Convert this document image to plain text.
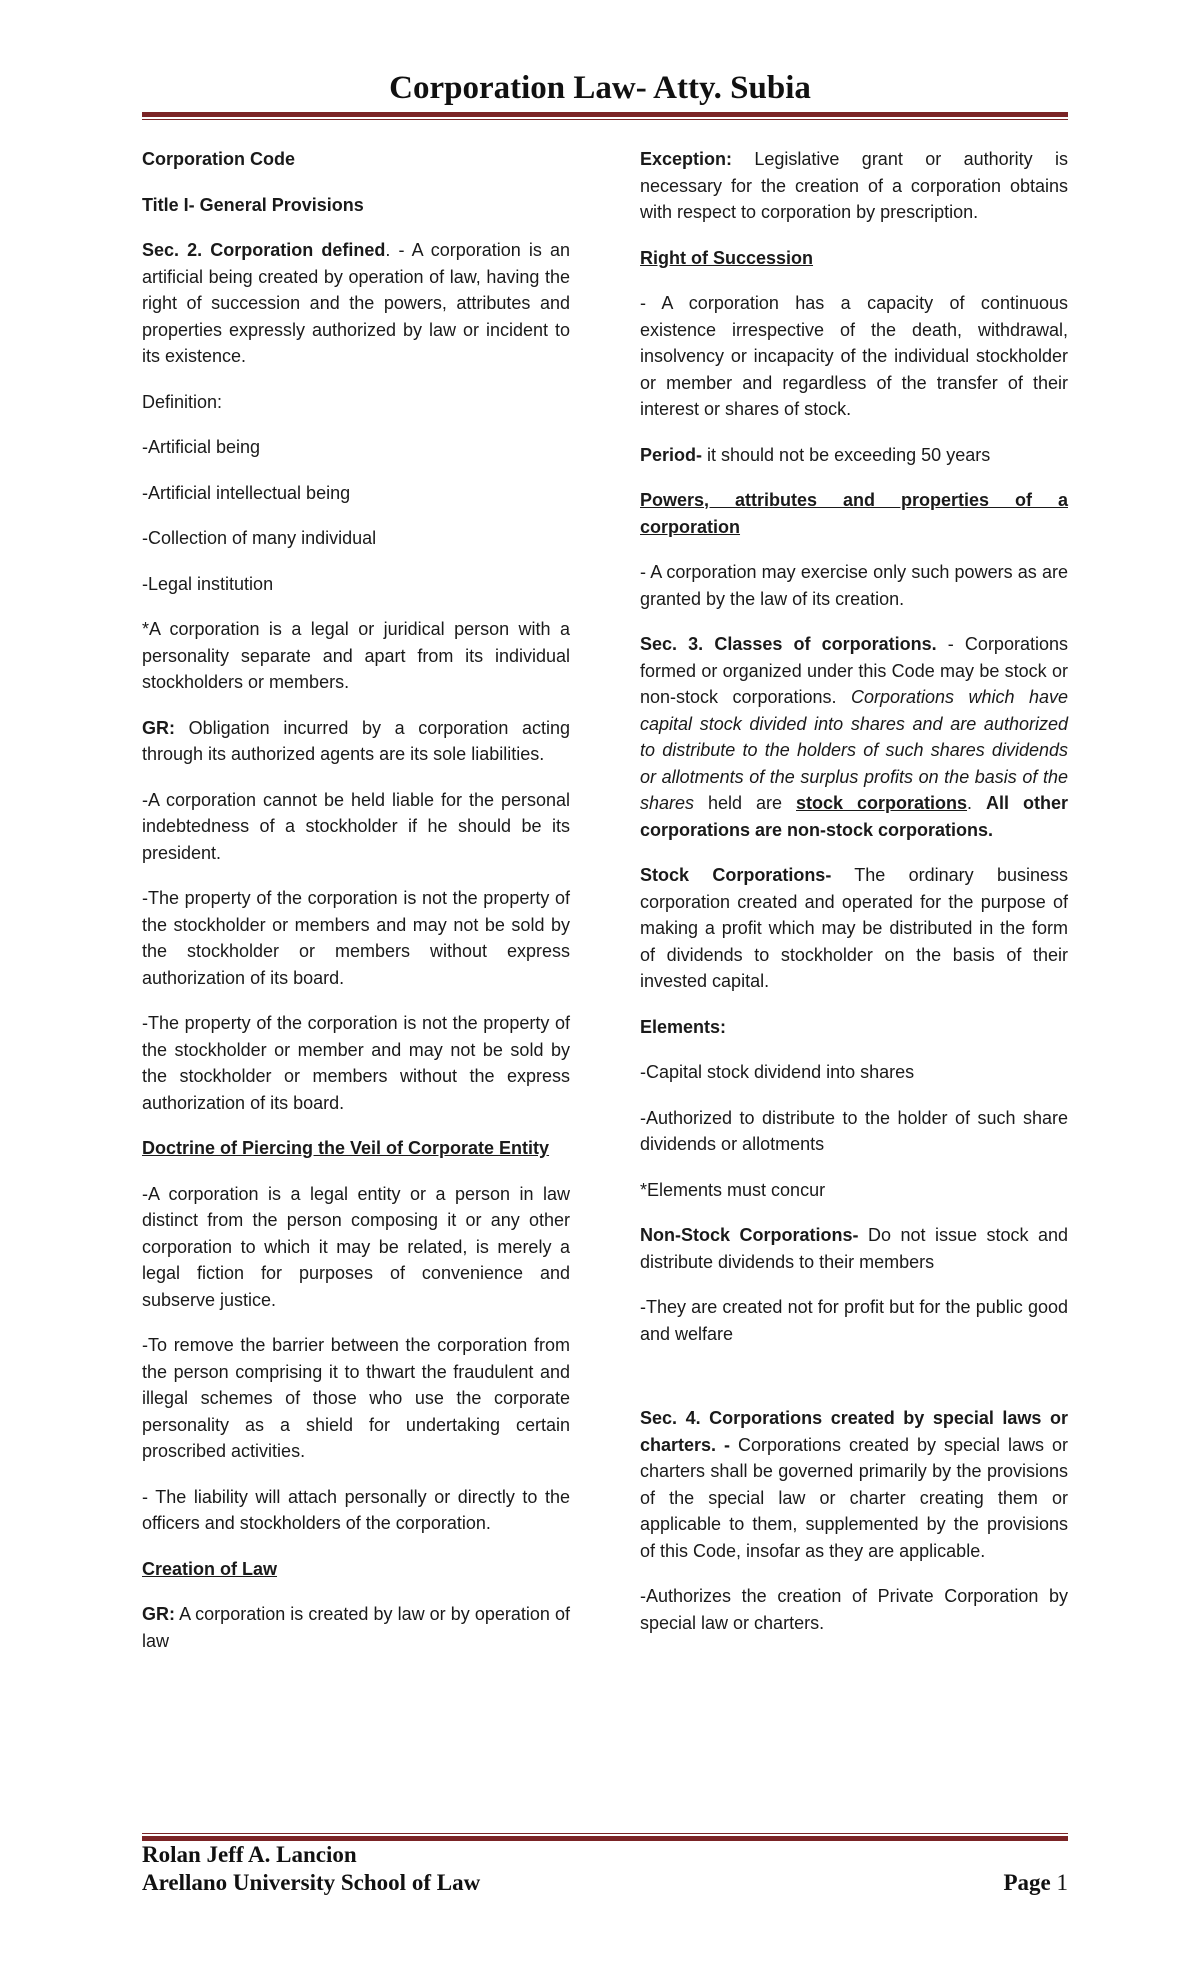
Corporation Law- Atty. Subia

Corporation Code

Title I- General Provisions

Sec. 2. Corporation defined. - A corporation is an artificial being created by operation of law, having the right of succession and the powers, attributes and properties expressly authorized by law or incident to its existence.

Definition:

-Artificial being

-Artificial intellectual being

-Collection of many individual

-Legal institution

*A corporation is a legal or juridical person with a personality separate and apart from its individual stockholders or members.

GR: Obligation incurred by a corporation acting through its authorized agents are its sole liabilities.

-A corporation cannot be held liable for the personal indebtedness of a stockholder if he should be its president.

-The property of the corporation is not the property of the stockholder or members and may not be sold by the stockholder or members without express authorization of its board.

-The property of the corporation is not the property of the stockholder or member and may not be sold by the stockholder or members without the express authorization of its board.

Doctrine of Piercing the Veil of Corporate Entity

-A corporation is a legal entity or a person in law distinct from the person composing it or any other corporation to which it may be related, is merely a legal fiction for purposes of convenience and subserve justice.

-To remove the barrier between the corporation from the person comprising it to thwart the fraudulent and illegal schemes of those who use the corporate personality as a shield for undertaking certain proscribed activities.

- The liability will attach personally or directly to the officers and stockholders of the corporation.

Creation of Law

GR: A corporation is created by law or by operation of law

Exception: Legislative grant or authority is necessary for the creation of a corporation obtains with respect to corporation by prescription.

Right of Succession

- A corporation has a capacity of continuous existence irrespective of the death, withdrawal, insolvency or incapacity of the individual stockholder or member and regardless of the transfer of their interest or shares of stock.

Period- it should not be exceeding 50 years

Powers, attributes and properties of a corporation

- A corporation may exercise only such powers as are granted by the law of its creation.

Sec. 3. Classes of corporations. - Corporations formed or organized under this Code may be stock or non-stock corporations. Corporations which have capital stock divided into shares and are authorized to distribute to the holders of such shares dividends or allotments of the surplus profits on the basis of the shares held are stock corporations. All other corporations are non-stock corporations.

Stock Corporations- The ordinary business corporation created and operated for the purpose of making a profit which may be distributed in the form of dividends to stockholder on the basis of their invested capital.

Elements:

-Capital stock dividend into shares

-Authorized to distribute to the holder of such share dividends or allotments

*Elements must concur

Non-Stock Corporations- Do not issue stock and distribute dividends to their members

-They are created not for profit but for the public good and welfare

Sec. 4. Corporations created by special laws or charters. - Corporations created by special laws or charters shall be governed primarily by the provisions of the special law or charter creating them or applicable to them, supplemented by the provisions of this Code, insofar as they are applicable.

-Authorizes the creation of Private Corporation by special law or charters.

Rolan Jeff A. Lancion
Arellano University School of Law	Page 1
